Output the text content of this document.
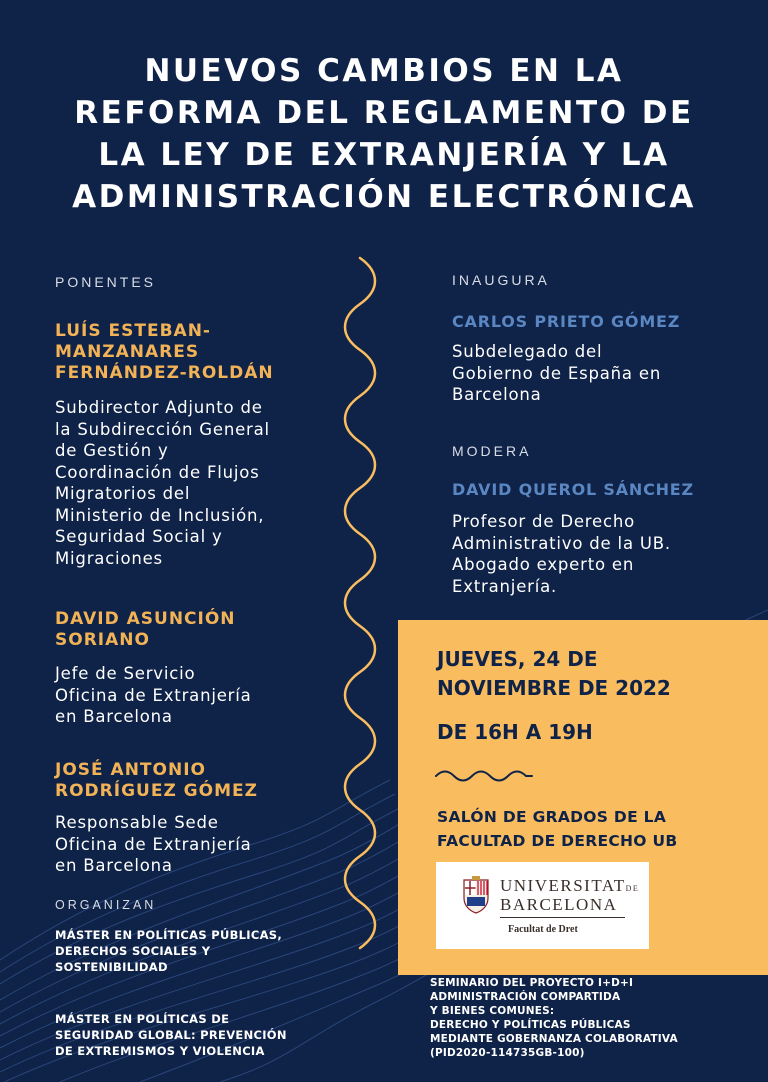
NUEVOS CAMBIOS EN LA
REFORMA DEL REGLAMENTO DE
LA LEY DE EXTRANJERÍA Y LA
ADMINISTRACIÓN ELECTRÓNICA
PONENTES
LUÍS ESTEBAN-
MANZANARES
FERNÁNDEZ-ROLDÁN
Subdirector Adjunto de
la Subdirección General
de Gestión y
Coordinación de Flujos
Migratorios del
Ministerio de Inclusión,
Seguridad Social y
Migraciones
DAVID ASUNCIÓN
SORIANO
Jefe de Servicio
Oficina de Extranjería
en Barcelona
JOSÉ ANTONIO
RODRÍGUEZ GÓMEZ
Responsable Sede
Oficina de Extranjería
en Barcelona
INAUGURA
CARLOS PRIETO GÓMEZ
Subdelegado del
Gobierno de España en
Barcelona
MODERA
DAVID QUEROL SÁNCHEZ
Profesor de Derecho
Administrativo de la UB.
Abogado experto en
Extranjería.
JUEVES, 24 DE
NOVIEMBRE DE 2022
DE 16H A 19H
SALÓN DE GRADOS DE LA
FACULTAD DE DERECHO UB
UNIVERSITATDE
BARCELONA
Facultat de Dret
ORGANIZAN
MÁSTER EN POLÍTICAS PÚBLICAS,
DERECHOS SOCIALES Y
SOSTENIBILIDAD
MÁSTER EN POLÍTICAS DE
SEGURIDAD GLOBAL: PREVENCIÓN
DE EXTREMISMOS Y VIOLENCIA
SEMINARIO DEL PROYECTO I+D+I
ADMINISTRACIÓN COMPARTIDA
Y BIENES COMUNES:
DERECHO Y POLÍTICAS PÚBLICAS
MEDIANTE GOBERNANZA COLABORATIVA
(PID2020-114735GB-100)
